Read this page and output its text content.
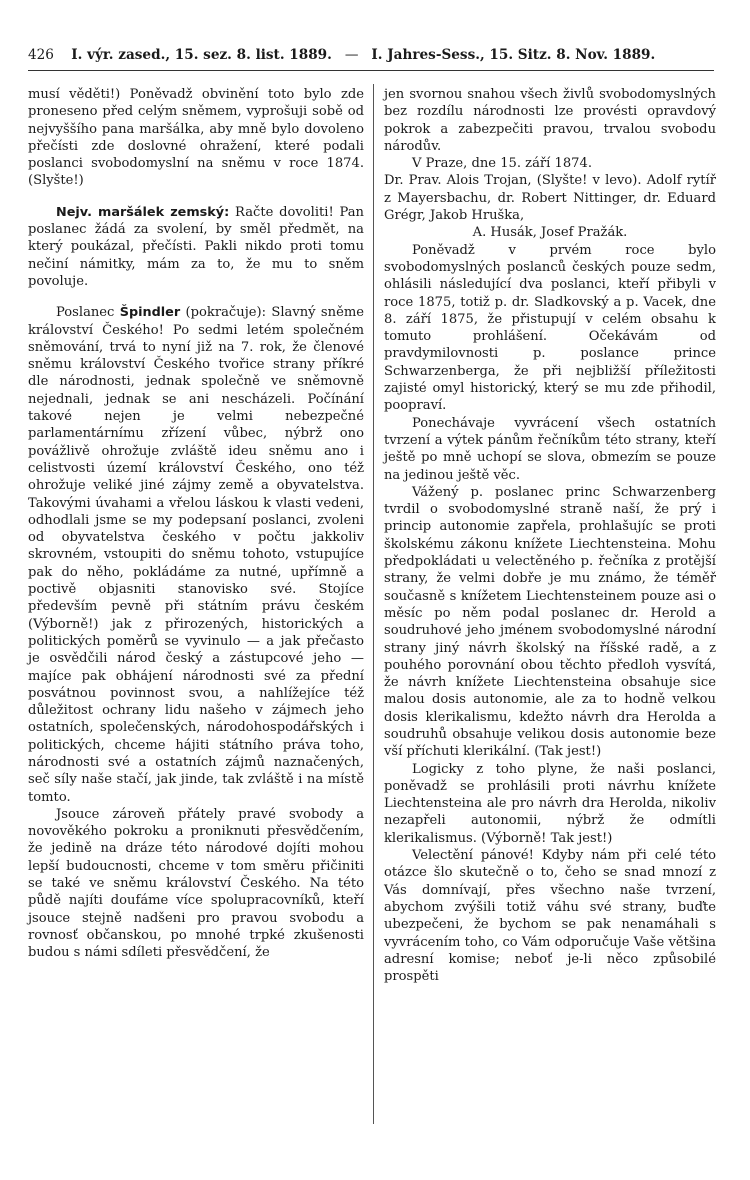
426 I. výr. zased., 15. sez. 8. list. 1889. — I. Jahres-Sess., 15. Sitz. 8. Nov. 1889.

musí věděti!) Poněvadž obvinění toto bylo zde proneseno před celým sněmem, vyprošuji sobě od nejvyššího pana maršálka, aby mně bylo dovoleno přečísti zde doslovné ohražení, které podali poslanci svobodomyslní na sněmu v roce 1874. (Slyšte!)

Nejv. maršálek zemský: Račte dovoliti! Pan poslanec žádá za svolení, by směl předmět, na který poukázal, přečísti. Pakli nikdo proti tomu nečiní námitky, mám za to, že mu to sněm povoluje.

Poslanec Špindler (pokračuje): Slavný sněme království Českého! Po sedmi letém společném sněmování, trvá to nyní již na 7. rok, že členové sněmu království Českého tvořice strany příkré dle národnosti, jednak společně ve sněmovně nejednali, jednak se ani nescházeli. Počínání takové nejen je velmi nebezpečné parlamentárnímu zřízení vůbec, nýbrž ono povážlivě ohrožuje zvláště ideu sněmu ano i celistvosti území království Českého, ono též ohrožuje veliké jiné zájmy země a obyvatelstva. Takovými úvahami a vřelou láskou k vlasti vedeni, odhodlali jsme se my podepsaní poslanci, zvoleni od obyvatelstva českého v počtu jakkoliv skrovném, vstoupiti do sněmu tohoto, vstupujíce pak do něho, pokládáme za nutné, upřímně a poctivě objasniti stanovisko své. Stojíce především pevně při státním právu českém (Výborně!) jak z přirozených, historických a politických poměrů se vyvinulo — a jak přečasto je osvědčili národ český a zástupcové jeho — majíce pak obhájení národnosti své za přední posvátnou povinnost svou, a nahlížejíce též důležitost ochrany lidu našeho v zájmech jeho ostatních, společenských, národohospodářských i politických, chceme hájiti státního práva toho, národnosti své a ostatních zájmů naznačených, seč síly naše stačí, jak jinde, tak zvláště i na místě tomto.

Jsouce zároveň přátely pravé svobody a novověkého pokroku a proniknuti přesvědčením, že jedině na dráze této národové dojíti mohou lepší budoucnosti, chceme v tom směru přičiniti se také ve sněmu království Českého. Na této půdě najíti doufáme více spolupracovníků, kteří jsouce stejně nadšeni pro pravou svobodu a rovnosť občanskou, po mnohé trpké zkušenosti budou s námi sdíleti přesvědčení, že

jen svornou snahou všech živlů svobodomyslných bez rozdílu národnosti lze provésti opravdový pokrok a zabezpečiti pravou, trvalou svobodu národův.

V Praze, dne 15. září 1874.

Dr. Prav. Alois Trojan, (Slyšte! v levo). Adolf rytíř z Mayersbachu, dr. Robert Nittinger, dr. Eduard Grégr, Jakob Hruška,
A. Husák, Josef Pražák.

Poněvadž v prvém roce bylo svobodomyslných poslanců českých pouze sedm, ohlásili následující dva poslanci, kteří přibyli v roce 1875, totiž p. dr. Sladkovský a p. Vacek, dne 8. září 1875, že přistupují v celém obsahu k tomuto prohlášení. Očekávám od pravdymilovnosti p. poslance prince Schwarzenberga, že při nejbližší příležitosti zajisté omyl historický, který se mu zde přihodil, poopraví.

Ponechávaje vyvrácení všech ostatních tvrzení a výtek pánům řečníkům této strany, kteří ještě po mně uchopí se slova, obmezím se pouze na jedinou ještě věc.

Vážený p. poslanec princ Schwarzenberg tvrdil o svobodomyslné straně naší, že prý i princip autonomie zapřela, prohlašujíc se proti školskému zákonu knížete Liechtensteina. Mohu předpokládati u velectěného p. řečníka z protější strany, že velmi dobře je mu známo, že téměř současně s knížetem Liechtensteinem pouze asi o měsíc po něm podal poslanec dr. Herold a soudruhové jeho jménem svobodomyslné národní strany jiný návrh školský na říšské radě, a z pouhého porovnání obou těchto předloh vysvítá, že návrh knížete Liechtensteina obsahuje sice malou dosis autonomie, ale za to hodně velkou dosis klerikalismu, kdežto návrh dra Herolda a soudruhů obsahuje velikou dosis autonomie beze vší příchuti klerikální. (Tak jest!)

Logicky z toho plyne, že naši poslanci, poněvadž se prohlásili proti návrhu knížete Liechtensteina ale pro návrh dra Herolda, nikoliv nezapřeli autonomii, nýbrž že odmítli klerikalismus. (Výborně! Tak jest!)

Velectění pánové! Kdyby nám při celé této otázce šlo skutečně o to, čeho se snad mnozí z Vás domnívají, přes všechno naše tvrzení, abychom zvýšili totiž váhu své strany, buďte ubezpečeni, že bychom se pak nenamáhali s vyvrácením toho, co Vám odporučuje Vaše většina adresní komise; neboť je-li něco způsobilé prospěti
